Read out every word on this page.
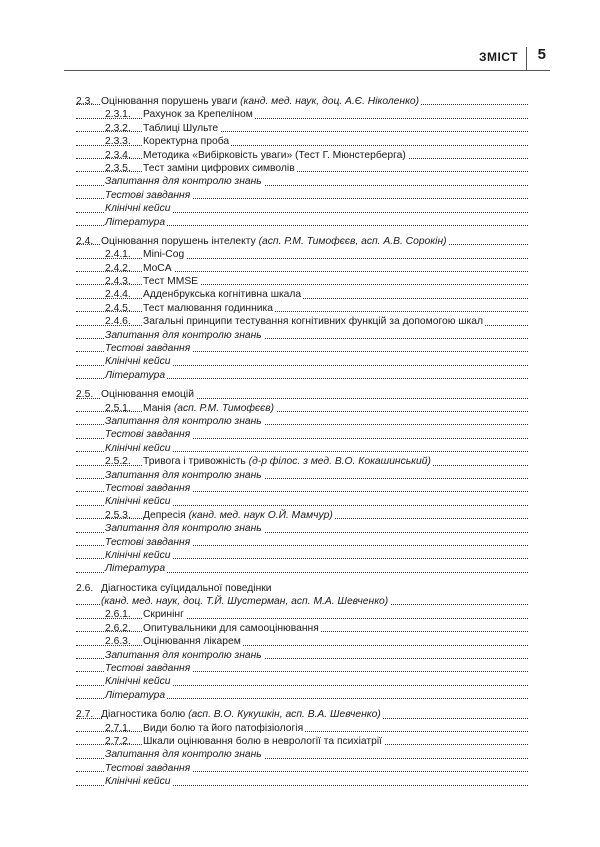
ЗМІСТ 5
2.3. Оцінювання порушень уваги (канд. мед. наук, доц. А.Є. Ніколенко)
2.3.1. Рахунок за Крепеліном
2.3.2. Таблиці Шульте
2.3.3. Коректурна проба
2.3.4. Методика «Вибірковість уваги» (Тест Г. Мюнстерберга)
2.3.5. Тест заміни цифрових символів
Запитання для контролю знань
Тестові завдання
Клінічні кейси
Література
2.4. Оцінювання порушень інтелекту (асп. Р.М. Тимофєєв, асп. А.В. Сорокін)
2.4.1. Mini-Cog
2.4.2. MoCA
2.4.3. Тест MMSE
2.4.4. Адденбрукська когнітивна шкала
2.4.5. Тест малювання годинника
2.4.6. Загальні принципи тестування когнітивних функцій за допомогою шкал
Запитання для контролю знань
Тестові завдання
Клінічні кейси
Література
2.5. Оцінювання емоцій
2.5.1. Манія (асп. Р.М. Тимофєєв)
Запитання для контролю знань
Тестові завдання
Клінічні кейси
2.5.2. Тривога і тривожність (д-р філос. з мед. В.О. Кокашинський)
Запитання для контролю знань
Тестові завдання
Клінічні кейси
2.5.3. Депресія (канд. мед. наук О.Й. Мамчур)
Запитання для контролю знань
Тестові завдання
Клінічні кейси
Література
2.6. Діагностика суїцидальної поведінки
(канд. мед. наук, доц. Т.Й. Шустерман, асп. М.А. Шевченко)
2.6.1. Скринінг
2.6.2. Опитувальники для самооцінювання
2.6.3. Оцінювання лікарем
Запитання для контролю знань
Тестові завдання
Клінічні кейси
Література
2.7. Діагностика болю (асп. В.О. Кукушкін, асп. В.А. Шевченко)
2.7.1. Види болю та його патофізіологія
2.7.2. Шкали оцінювання болю в неврології та психіатрії
Запитання для контролю знань
Тестові завдання
Клінічні кейси
